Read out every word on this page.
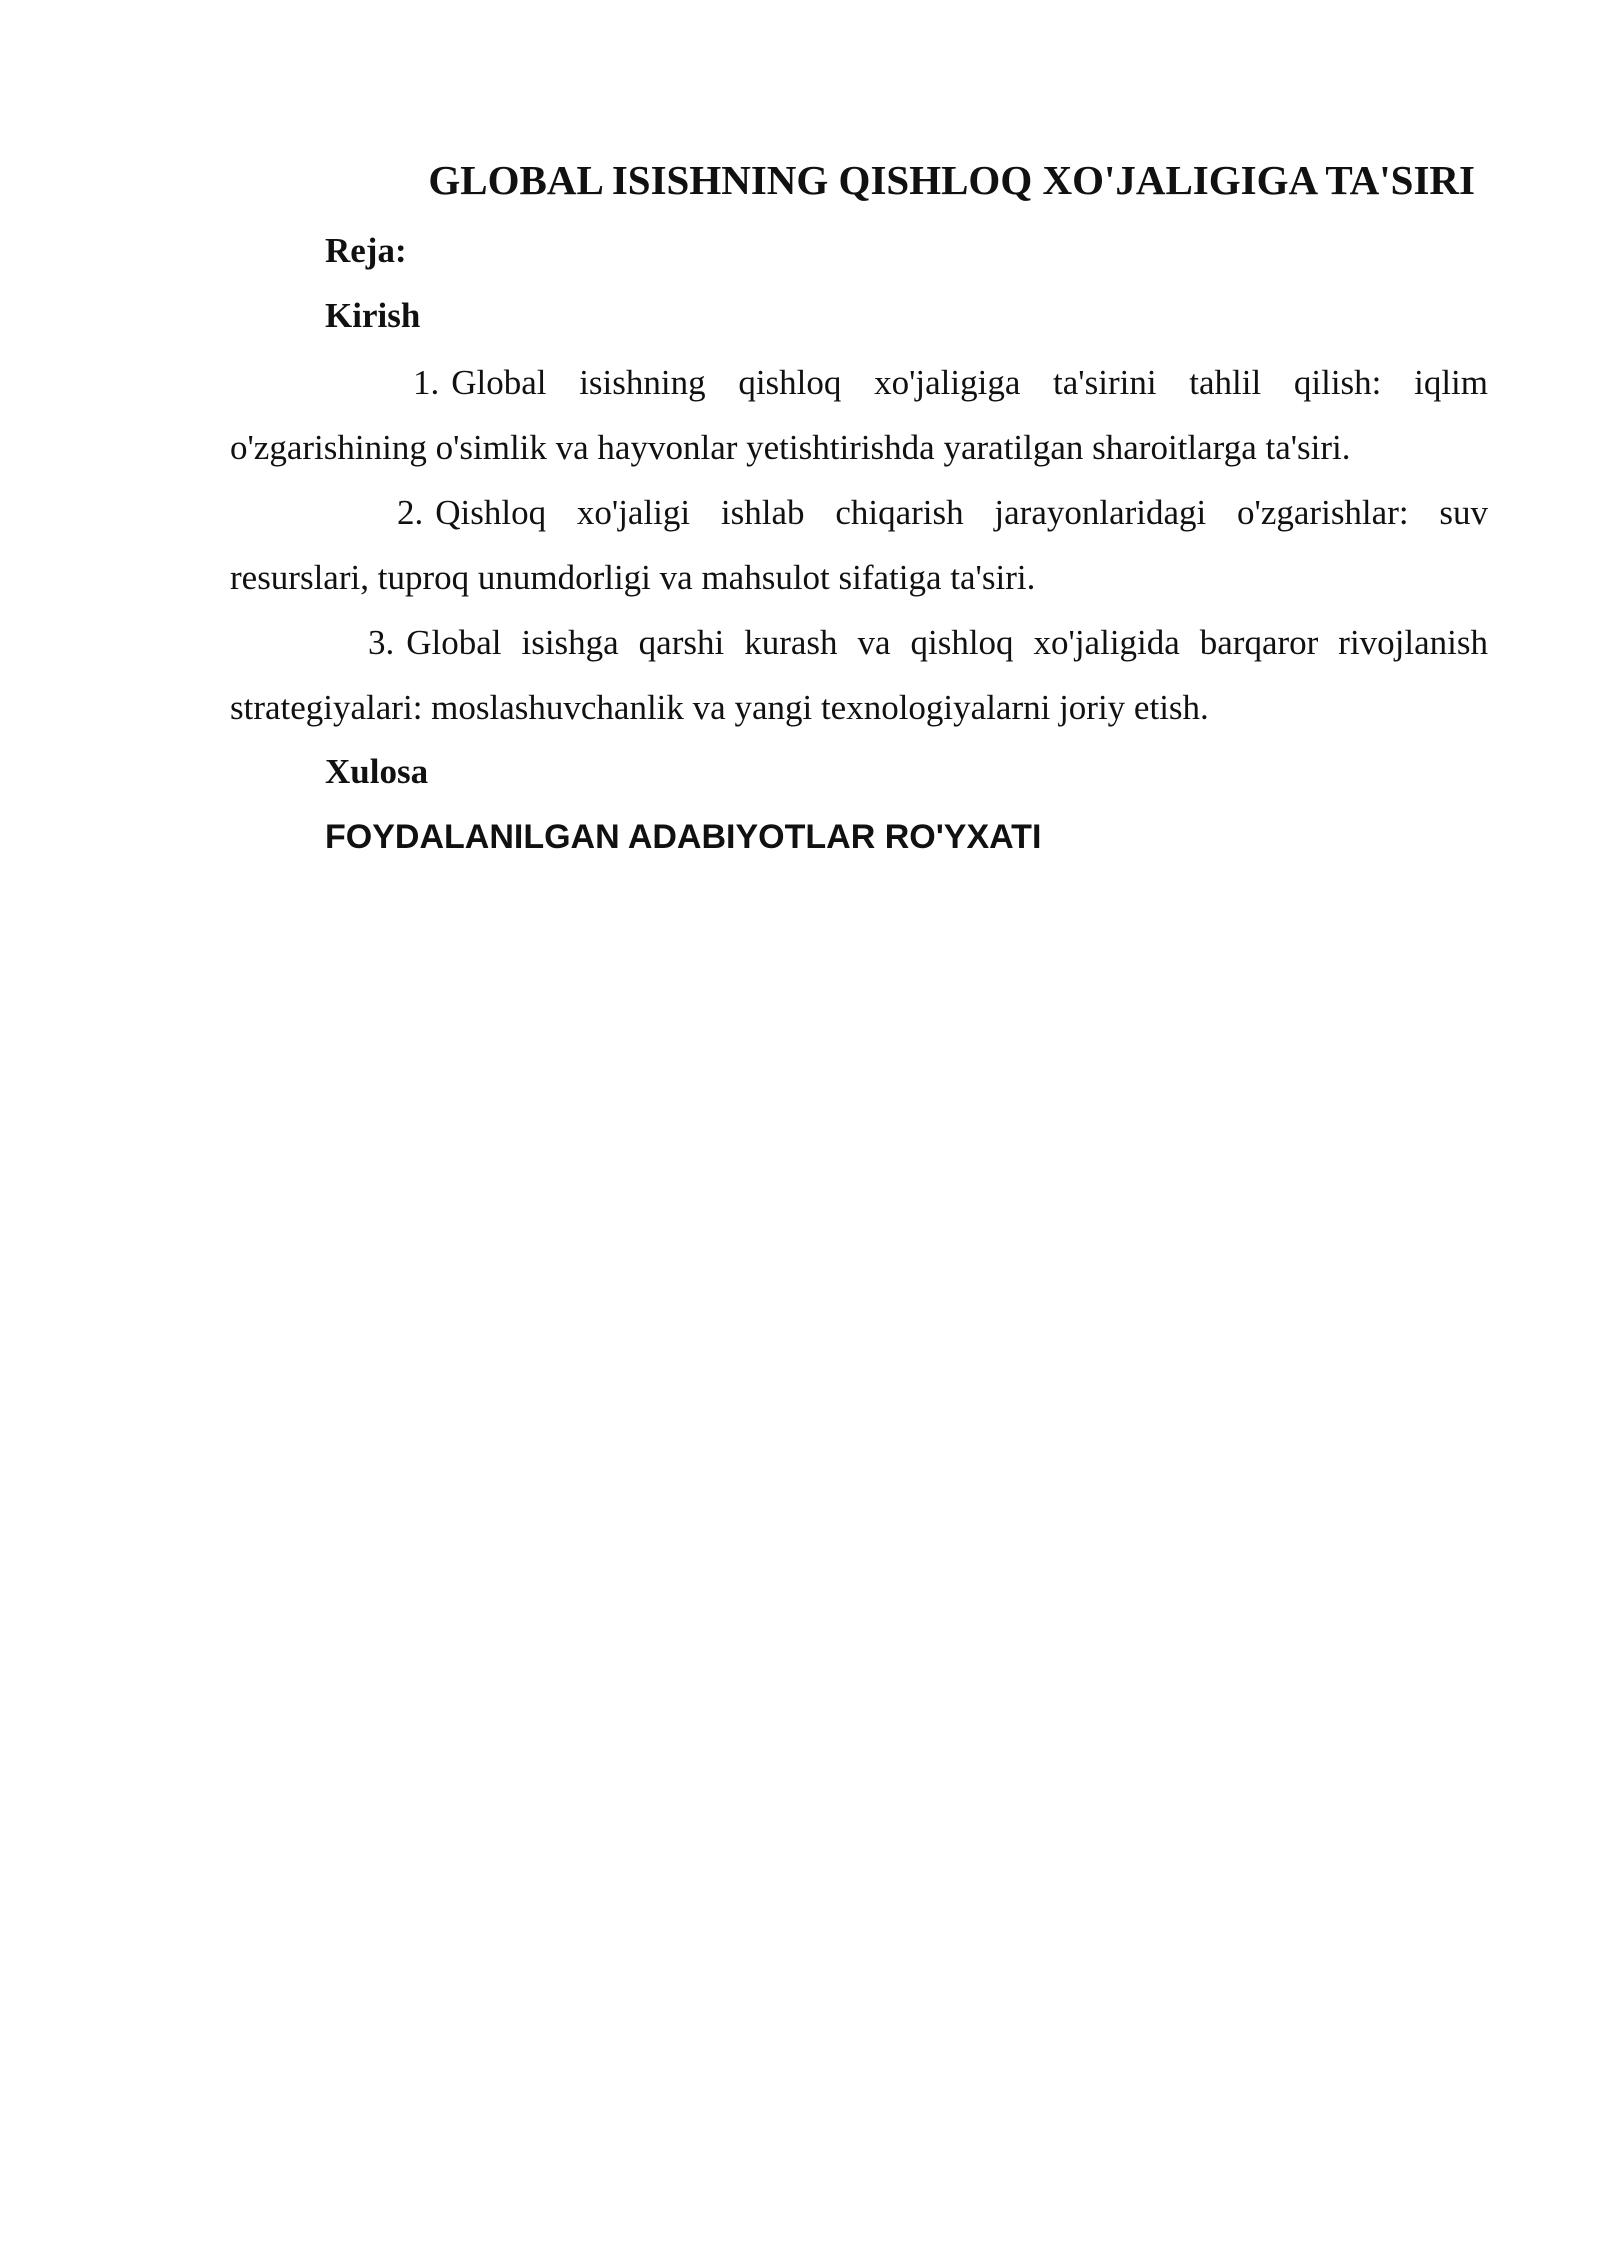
GLOBAL ISISHNING QISHLOQ XO'JALIGIGA TA'SIRI

Reja:

Kirish

1. Global isishning qishloq xo'jaligiga ta'sirini tahlil qilish: iqlim o'zgarishining o'simlik va hayvonlar yetishtirishda yaratilgan sharoitlarga ta'siri.

2. Qishloq xo'jaligi ishlab chiqarish jarayonlaridagi o'zgarishlar: suv resurslari, tuproq unumdorligi va mahsulot sifatiga ta'siri.

3. Global isishga qarshi kurash va qishloq xo'jaligida barqaror rivojlanish strategiyalari: moslashuvchanlik va yangi texnologiyalarni joriy etish.

Xulosa

FOYDALANILGAN ADABIYOTLAR RO'YXATI
